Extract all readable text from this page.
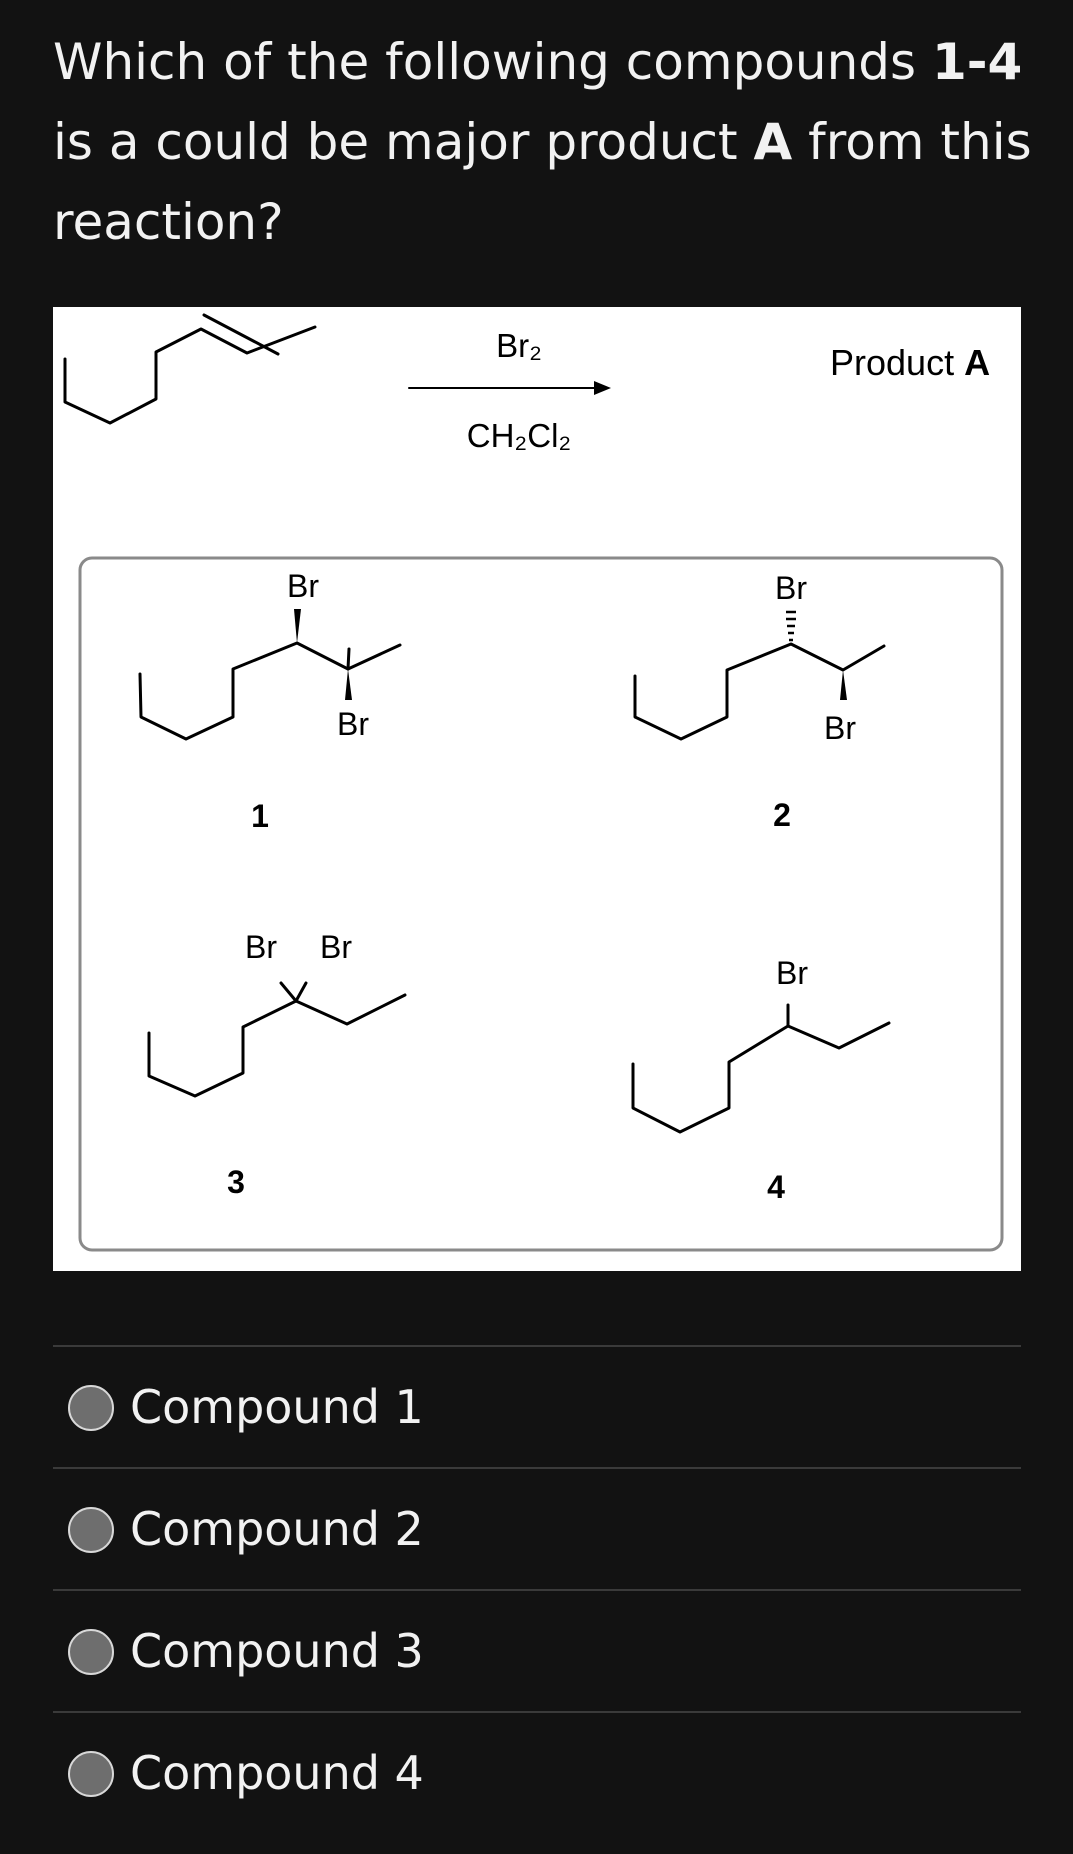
Which of the following compounds 1-4 is a could be major product A from this reaction?
Br₂
CH₂Cl₂
Product A
Br
Br
1
Br
Br
2
Br Br
3
Br
4
Compound 1
Compound 2
Compound 3
Compound 4
